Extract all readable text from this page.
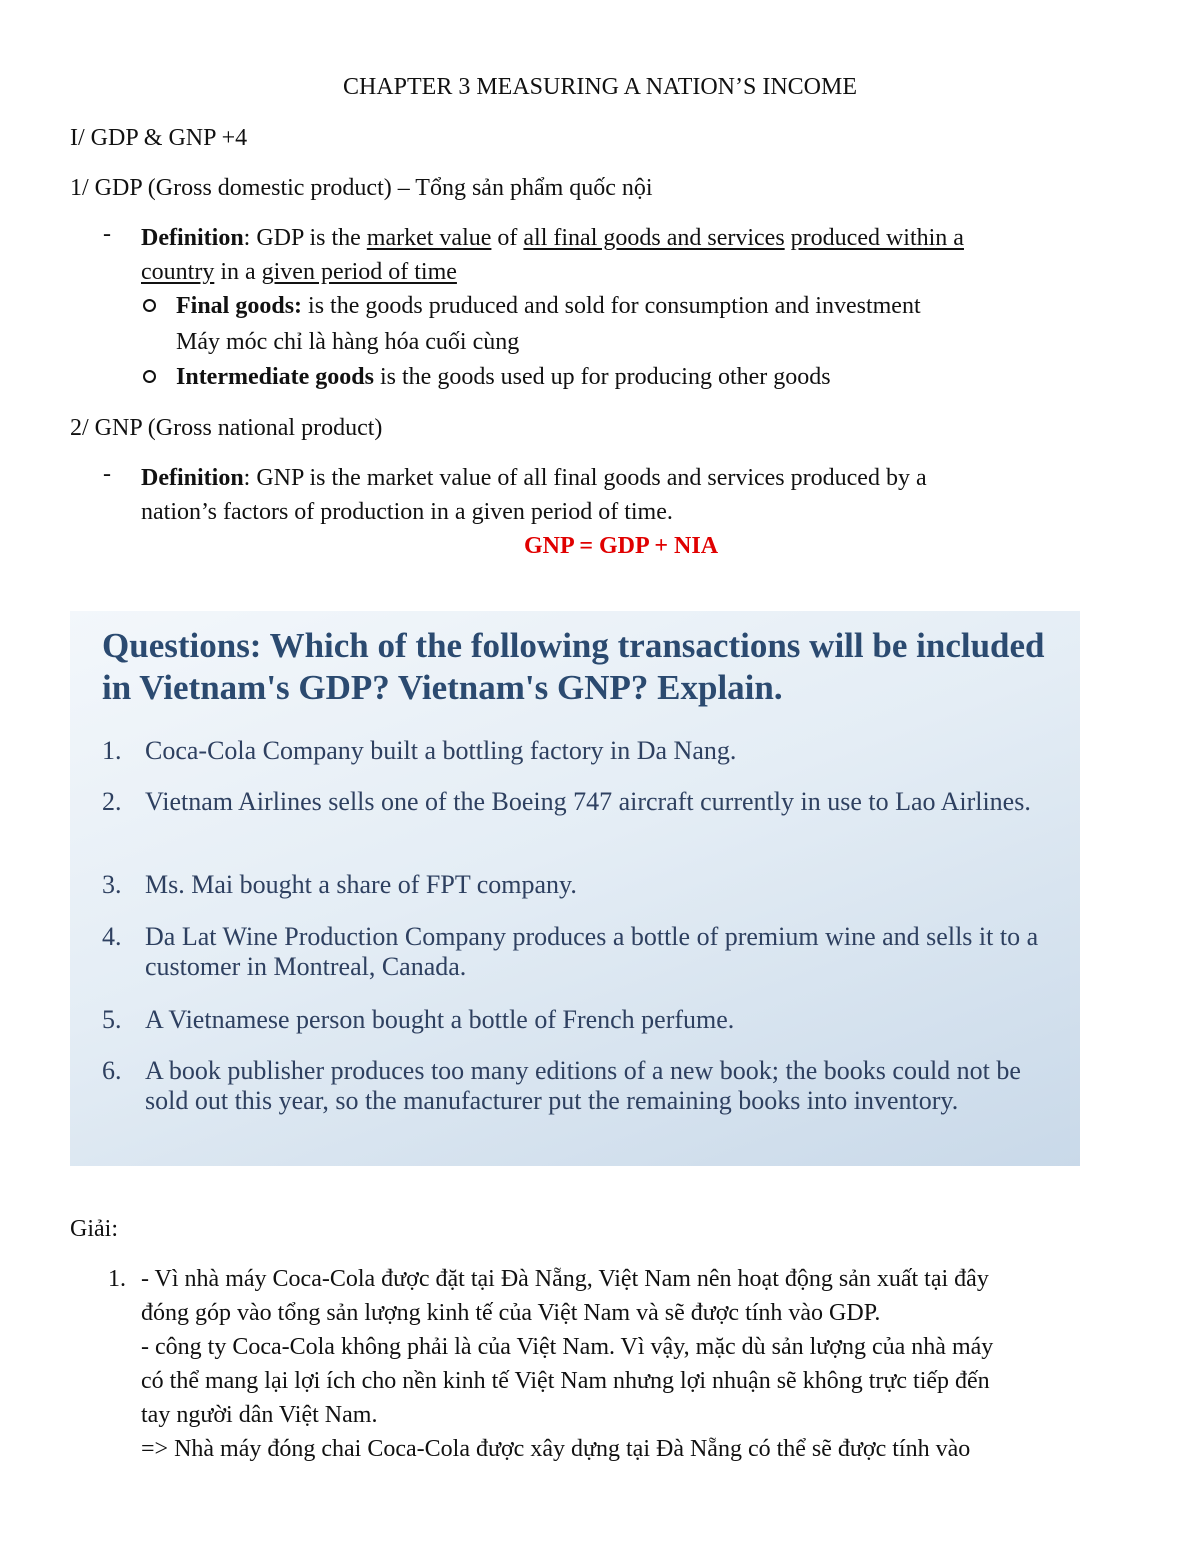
CHAPTER 3 MEASURING A NATION’S INCOME
I/ GDP & GNP +4
1/ GDP (Gross domestic product) – Tổng sản phẩm quốc nội
- Definition: GDP is the market value of all final goods and services produced within a
country in a given period of time
Final goods: is the goods pruduced and sold for consumption and investment
Máy móc chỉ là hàng hóa cuối cùng
Intermediate goods is the goods used up for producing other goods
2/ GNP (Gross national product)
- Definition: GNP is the market value of all final goods and services produced by a
nation’s factors of production in a given period of time.
GNP = GDP + NIA
Questions: Which of the following transactions will be included in Vietnam's GDP? Vietnam's GNP? Explain.
1. Coca-Cola Company built a bottling factory in Da Nang.
2. Vietnam Airlines sells one of the Boeing 747 aircraft currently in use to Lao Airlines.
3. Ms. Mai bought a share of FPT company.
4. Da Lat Wine Production Company produces a bottle of premium wine and sells it to a customer in Montreal, Canada.
5. A Vietnamese person bought a bottle of French perfume.
6. A book publisher produces too many editions of a new book; the books could not be sold out this year, so the manufacturer put the remaining books into inventory.
Giải:
1. - Vì nhà máy Coca-Cola được đặt tại Đà Nẵng, Việt Nam nên hoạt động sản xuất tại đây
đóng góp vào tổng sản lượng kinh tế của Việt Nam và sẽ được tính vào GDP.
- công ty Coca-Cola không phải là của Việt Nam. Vì vậy, mặc dù sản lượng của nhà máy
có thể mang lại lợi ích cho nền kinh tế Việt Nam nhưng lợi nhuận sẽ không trực tiếp đến
tay người dân Việt Nam.
=> Nhà máy đóng chai Coca-Cola được xây dựng tại Đà Nẵng có thể sẽ được tính vào
